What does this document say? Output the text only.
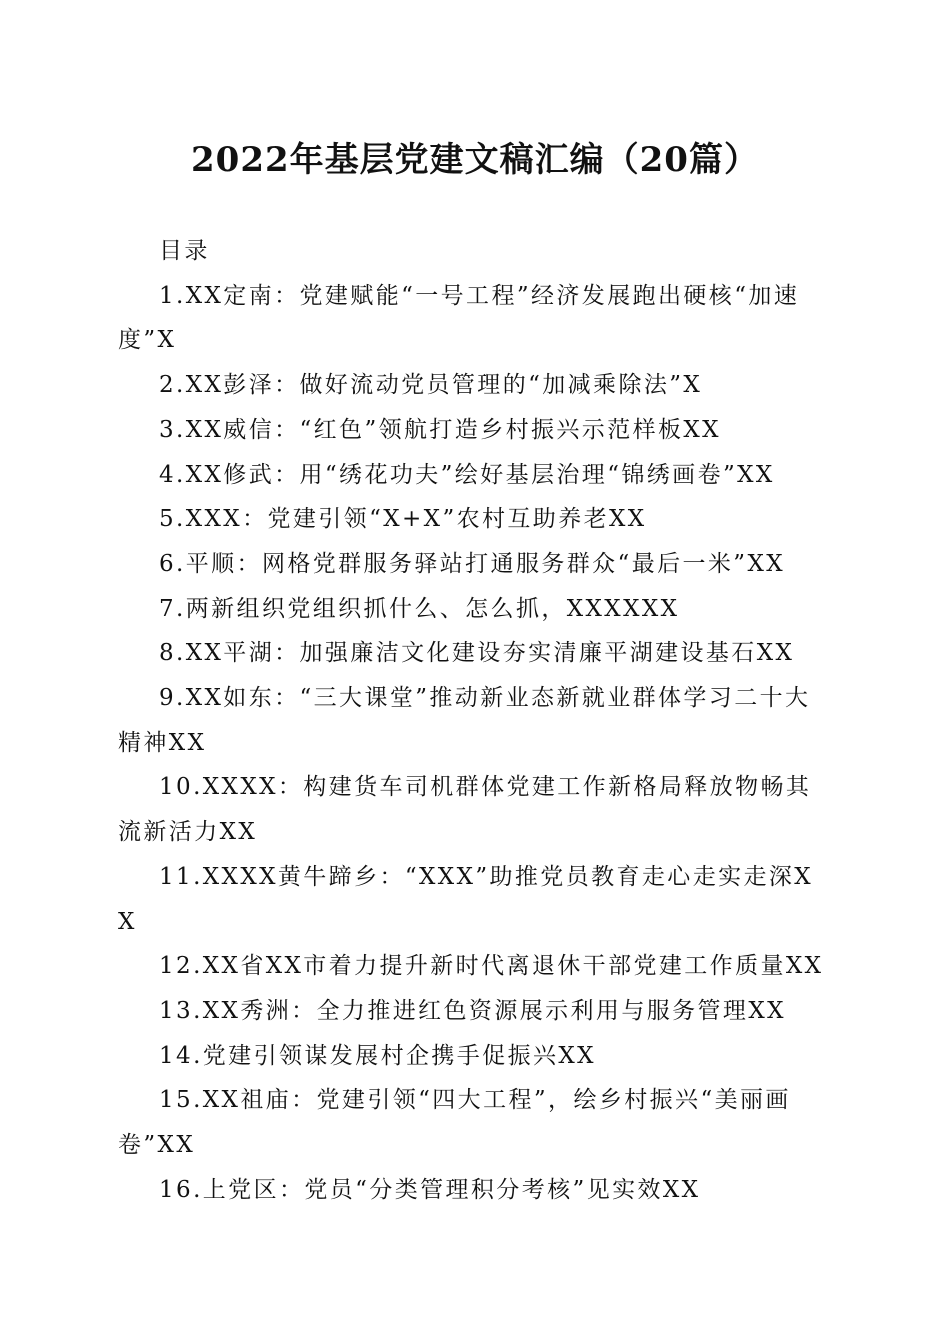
2022年基层党建文稿汇编（20篇）

目录

1.XX定南：党建赋能“一号工程”经济发展跑出硬核“加速度”X

2.XX彭泽：做好流动党员管理的“加减乘除法”X

3.XX威信：“红色”领航打造乡村振兴示范样板XX

4.XX修武：用“绣花功夫”绘好基层治理“锦绣画卷”XX

5.XXX：党建引领“X+X”农村互助养老XX

6.平顺：网格党群服务驿站打通服务群众“最后一米”XX

7.两新组织党组织抓什么、怎么抓，XXXXXX

8.XX平湖：加强廉洁文化建设夯实清廉平湖建设基石XX

9.XX如东：“三大课堂”推动新业态新就业群体学习二十大精神XX

10.XXXX：构建货车司机群体党建工作新格局释放物畅其流新活力XX

11.XXXX黄牛蹄乡：“XXX”助推党员教育走心走实走深XX

12.XX省XX市着力提升新时代离退休干部党建工作质量XX

13.XX秀洲：全力推进红色资源展示利用与服务管理XX

14.党建引领谋发展村企携手促振兴XX

15.XX祖庙：党建引领“四大工程”，绘乡村振兴“美丽画卷”XX

16.上党区：党员“分类管理积分考核”见实效XX
